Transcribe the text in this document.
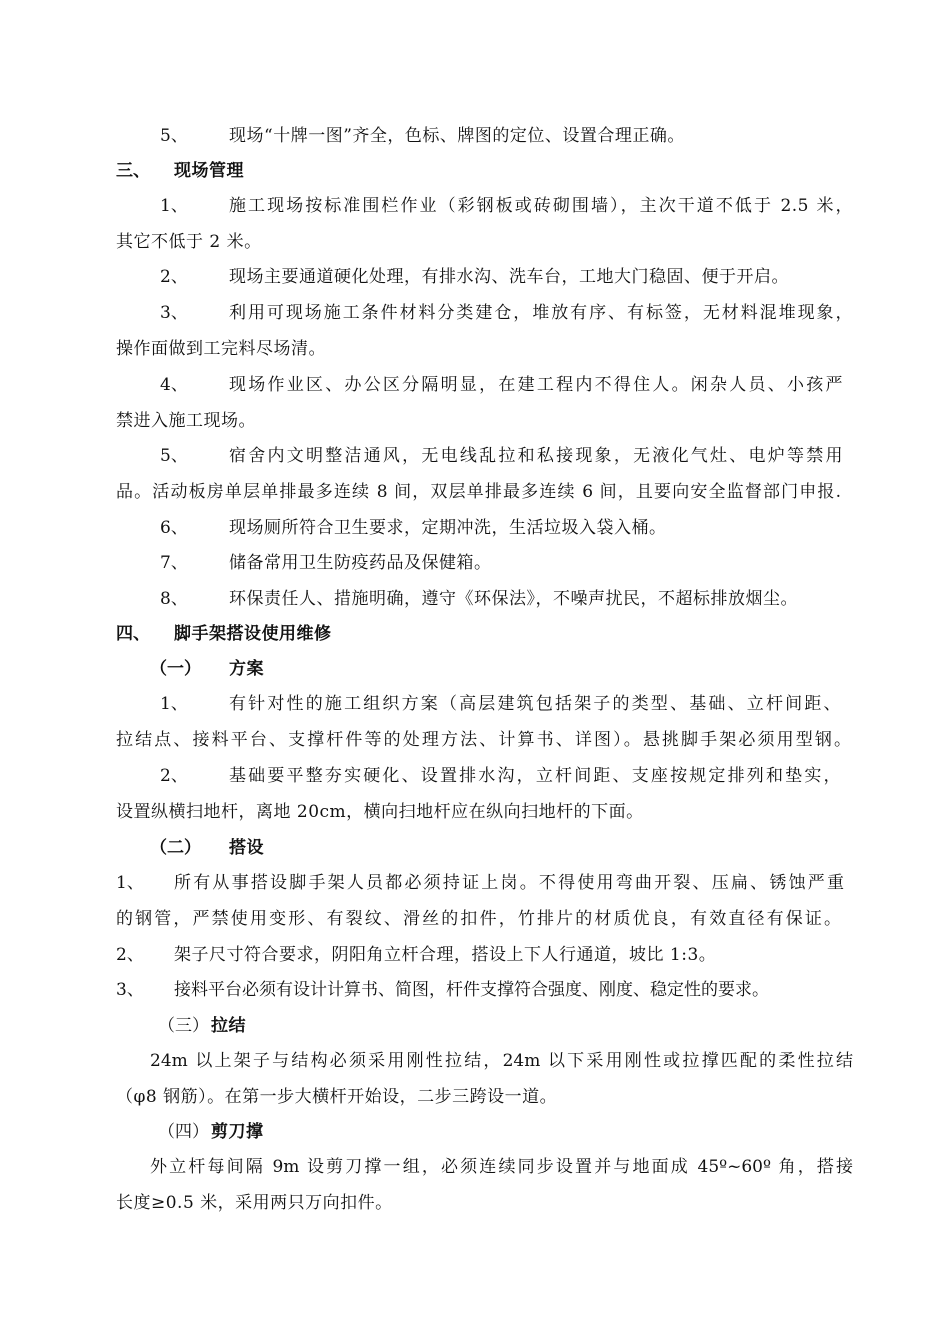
5、 现场“十牌一图”齐全，色标、牌图的定位、设置合理正确。
三、 现场管理
1、 施工现场按标准围栏作业（彩钢板或砖砌围墙），主次干道不低于 2.5 米，
其它不低于 2 米。
2、 现场主要通道硬化处理，有排水沟、洗车台，工地大门稳固、便于开启。
3、 利用可现场施工条件材料分类建仓，堆放有序、有标签，无材料混堆现象，
操作面做到工完料尽场清。
4、 现场作业区、办公区分隔明显，在建工程内不得住人。闲杂人员、小孩严
禁进入施工现场。
5、 宿舍内文明整洁通风，无电线乱拉和私接现象，无液化气灶、电炉等禁用
品。活动板房单层单排最多连续 8 间，双层单排最多连续 6 间，且要向安全监督部门申报.
6、 现场厕所符合卫生要求，定期冲洗，生活垃圾入袋入桶。
7、 储备常用卫生防疫药品及保健箱。
8、 环保责任人、措施明确，遵守《环保法》，不噪声扰民，不超标排放烟尘。
四、 脚手架搭设使用维修
（一） 方案
1、 有针对性的施工组织方案（高层建筑包括架子的类型、基础、立杆间距、
拉结点、接料平台、支撑杆件等的处理方法、计算书、详图）。悬挑脚手架必须用型钢。
2、 基础要平整夯实硬化、设置排水沟，立杆间距、支座按规定排列和垫实，
设置纵横扫地杆，离地 20cm，横向扫地杆应在纵向扫地杆的下面。
（二） 搭设
1、 所有从事搭设脚手架人员都必须持证上岗。不得使用弯曲开裂、压扁、锈蚀严重
的钢管，严禁使用变形、有裂纹、滑丝的扣件，竹排片的材质优良，有效直径有保证。
2、 架子尺寸符合要求，阴阳角立杆合理，搭设上下人行通道，坡比 1:3。
3、 接料平台必须有设计计算书、简图，杆件支撑符合强度、刚度、稳定性的要求。
（三） 拉结
24m 以上架子与结构必须采用刚性拉结，24m 以下采用刚性或拉撑匹配的柔性拉结
（φ8 钢筋）。在第一步大横杆开始设，二步三跨设一道。
（四） 剪刀撑
外立杆每间隔 9m 设剪刀撑一组，必须连续同步设置并与地面成 45º~60º 角，搭接
长度≥0.5 米，采用两只万向扣件。
